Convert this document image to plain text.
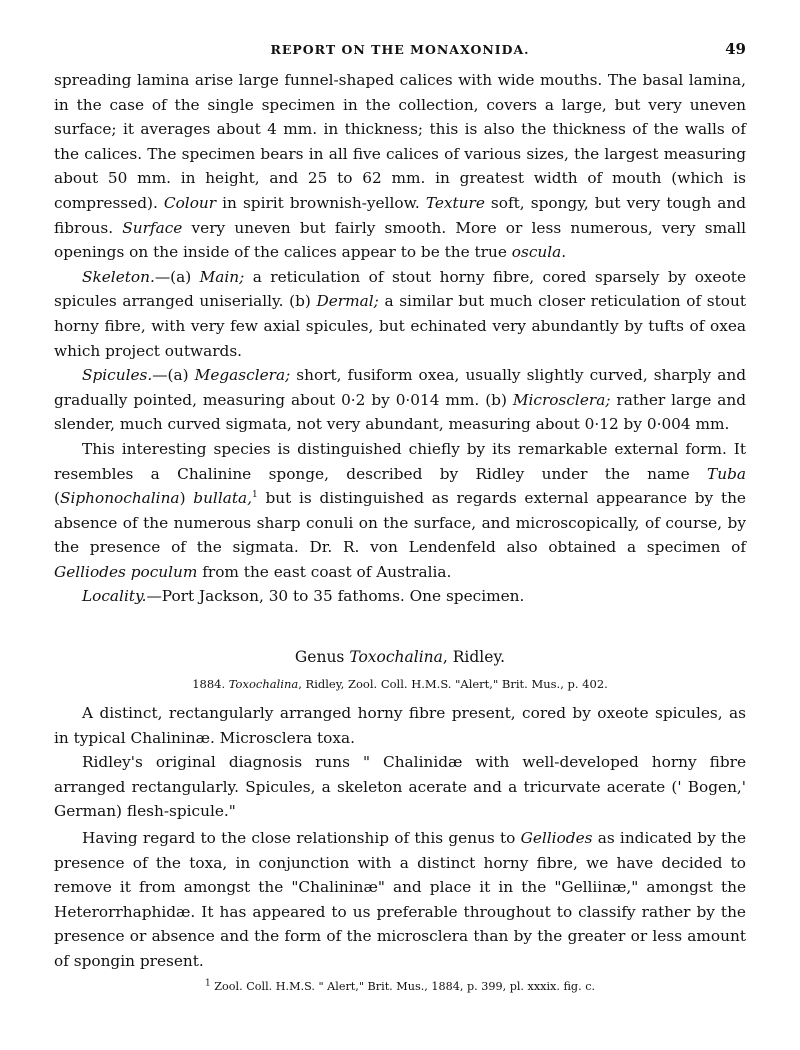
REPORT ON THE MONAXONIDA.	49

spreading lamina arise large funnel-shaped calices with wide mouths. The basal lamina, in the case of the single specimen in the collection, covers a large, but very uneven surface; it averages about 4 mm. in thickness; this is also the thickness of the walls of the calices. The specimen bears in all five calices of various sizes, the largest measuring about 50 mm. in height, and 25 to 62 mm. in greatest width of mouth (which is compressed). Colour in spirit brownish-yellow. Texture soft, spongy, but very tough and fibrous. Surface very uneven but fairly smooth. More or less numerous, very small openings on the inside of the calices appear to be the true oscula.

Skeleton.—(a) Main; a reticulation of stout horny fibre, cored sparsely by oxeote spicules arranged uniserially. (b) Dermal; a similar but much closer reticulation of stout horny fibre, with very few axial spicules, but echinated very abundantly by tufts of oxea which project outwards.

Spicules.—(a) Megasclera; short, fusiform oxea, usually slightly curved, sharply and gradually pointed, measuring about 0·2 by 0·014 mm. (b) Microsclera; rather large and slender, much curved sigmata, not very abundant, measuring about 0·12 by 0·004 mm.

This interesting species is distinguished chiefly by its remarkable external form. It resembles a Chalinine sponge, described by Ridley under the name Tuba (Siphonochalina) bullata,$^1$ but is distinguished as regards external appearance by the absence of the numerous sharp conuli on the surface, and microscopically, of course, by the presence of the sigmata. Dr. R. von Lendenfeld also obtained a specimen of Gelliodes poculum from the east coast of Australia.

Locality.—Port Jackson, 30 to 35 fathoms. One specimen.

Genus Toxochalina, Ridley.
1884. Toxochalina, Ridley, Zool. Coll. H.M.S. "Alert," Brit. Mus., p. 402.

A distinct, rectangularly arranged horny fibre present, cored by oxeote spicules, as in typical Chalininæ. Microsclera toxa.

Ridley's original diagnosis runs " Chalinidæ with well-developed horny fibre arranged rectangularly. Spicules, a skeleton acerate and a tricurvate acerate (' Bogen,' German) flesh-spicule."

Having regard to the close relationship of this genus to Gelliodes as indicated by the presence of the toxa, in conjunction with a distinct horny fibre, we have decided to remove it from amongst the "Chalininæ" and place it in the "Gelliinæ," amongst the Heterorrhaphidæ. It has appeared to us preferable throughout to classify rather by the presence or absence and the form of the microsclera than by the greater or less amount of spongin present.

$^1$ Zool. Coll. H.M.S. " Alert," Brit. Mus., 1884, p. 399, pl. xxxix. fig. c.
